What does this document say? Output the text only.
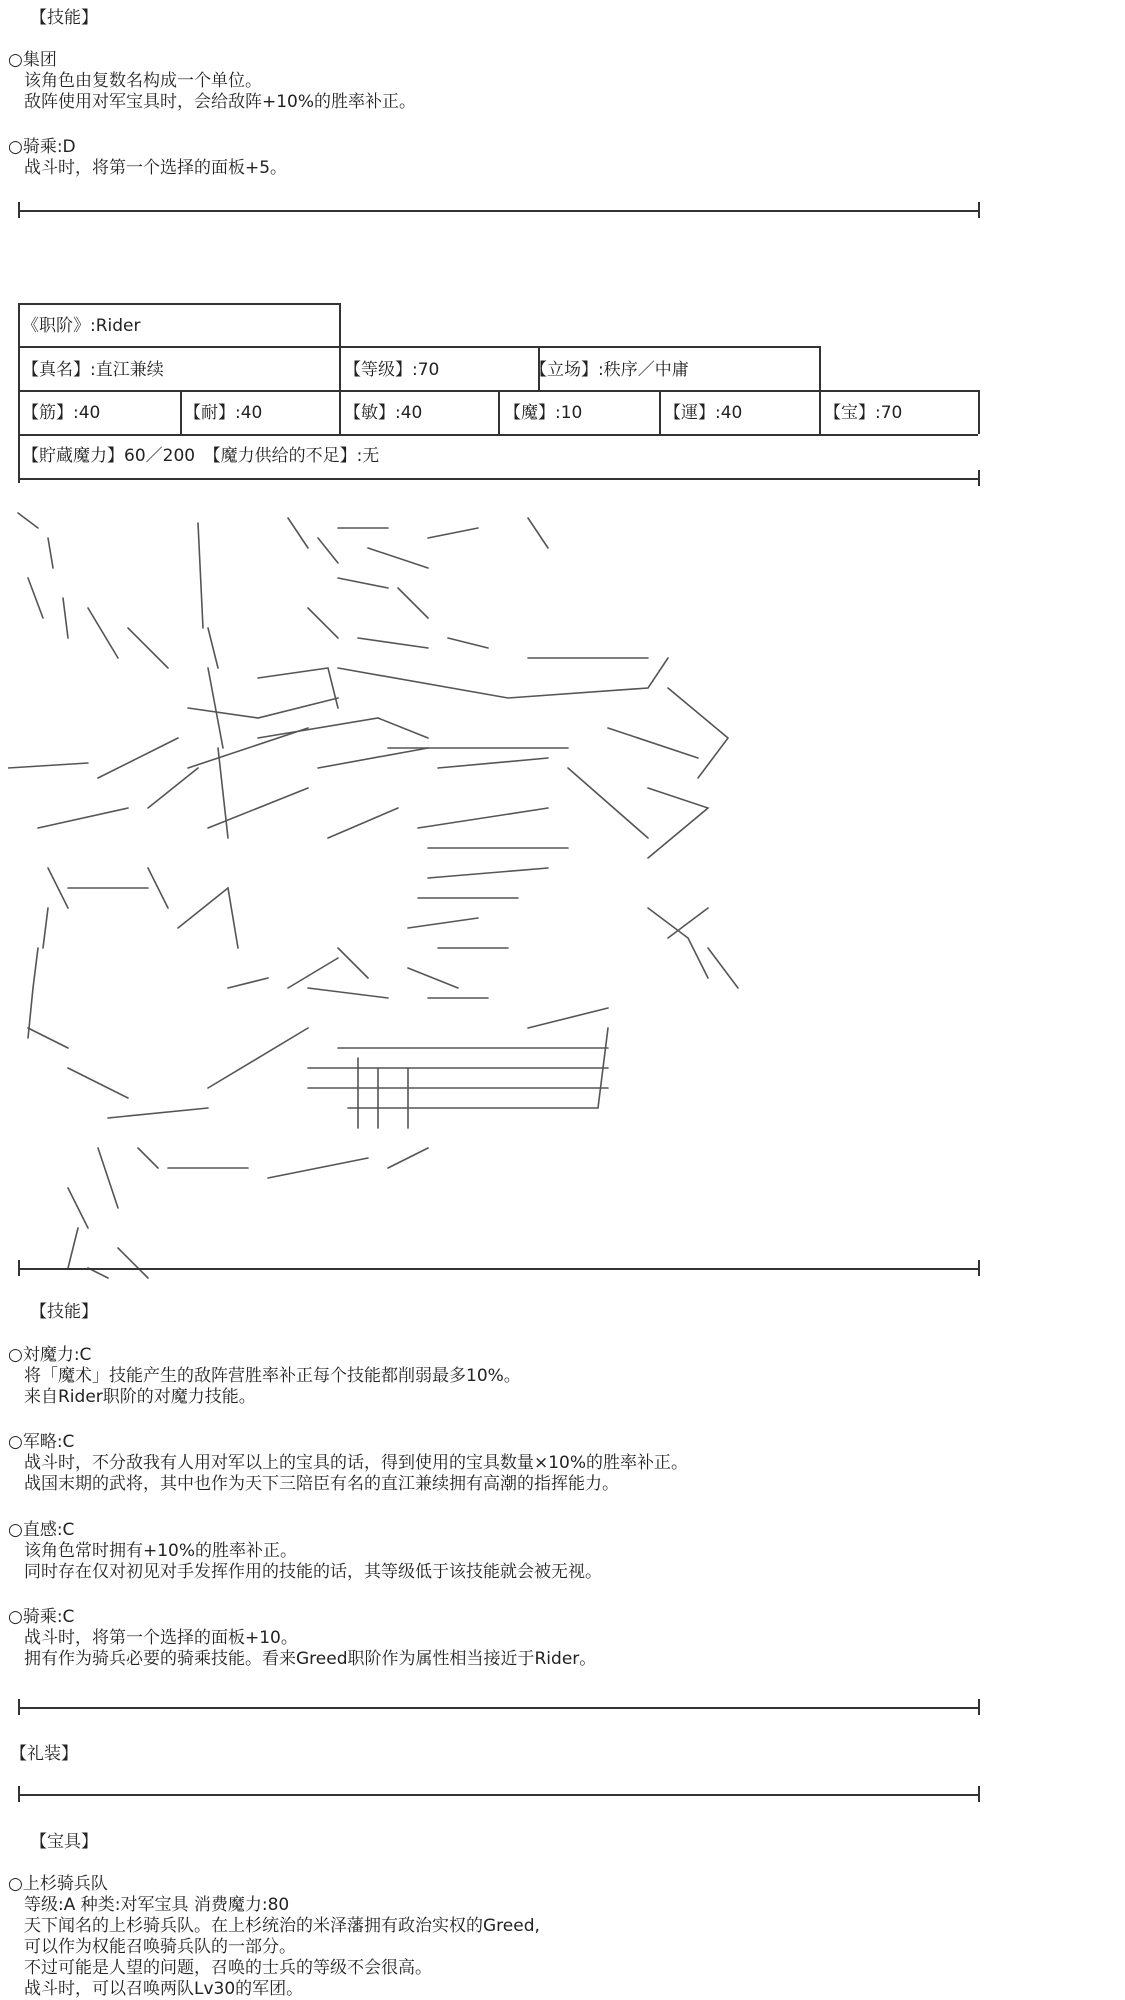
【技能】
○集团
该角色由复数名构成一个单位。
敌阵使用对军宝具时，会给敌阵+10%的胜率补正。
○骑乘:D
战斗时，将第一个选择的面板+5。
《职阶》:Rider
【真名】:直江兼续	【等级】:70	【立场】:秩序／中庸
【筋】:40	【耐】:40	【敏】:40	【魔】:10	【運】:40	【宝】:70
【貯蔵魔力】60／200　【魔力供给的不足】:无
【技能】
○対魔力:C
将「魔术」技能产生的敌阵营胜率补正每个技能都削弱最多10%。
来自Rider职阶的对魔力技能。
○军略:C
战斗时，不分敌我有人用对军以上的宝具的话，得到使用的宝具数量×10%的胜率补正。
战国末期的武将，其中也作为天下三陪臣有名的直江兼续拥有高潮的指挥能力。
○直感:C
该角色常时拥有+10%的胜率补正。
同时存在仅对初见对手发挥作用的技能的话，其等级低于该技能就会被无视。
○骑乘:C
战斗时，将第一个选择的面板+10。
拥有作为骑兵必要的骑乘技能。看来Greed职阶作为属性相当接近于Rider。
【礼装】
【宝具】
○上杉骑兵队
等级:A 种类:对军宝具 消费魔力:80
天下闻名的上杉骑兵队。在上杉统治的米泽藩拥有政治实权的Greed,
可以作为权能召唤骑兵队的一部分。
不过可能是人望的问题，召唤的士兵的等级不会很高。
战斗时，可以召唤两队Lv30的军团。
